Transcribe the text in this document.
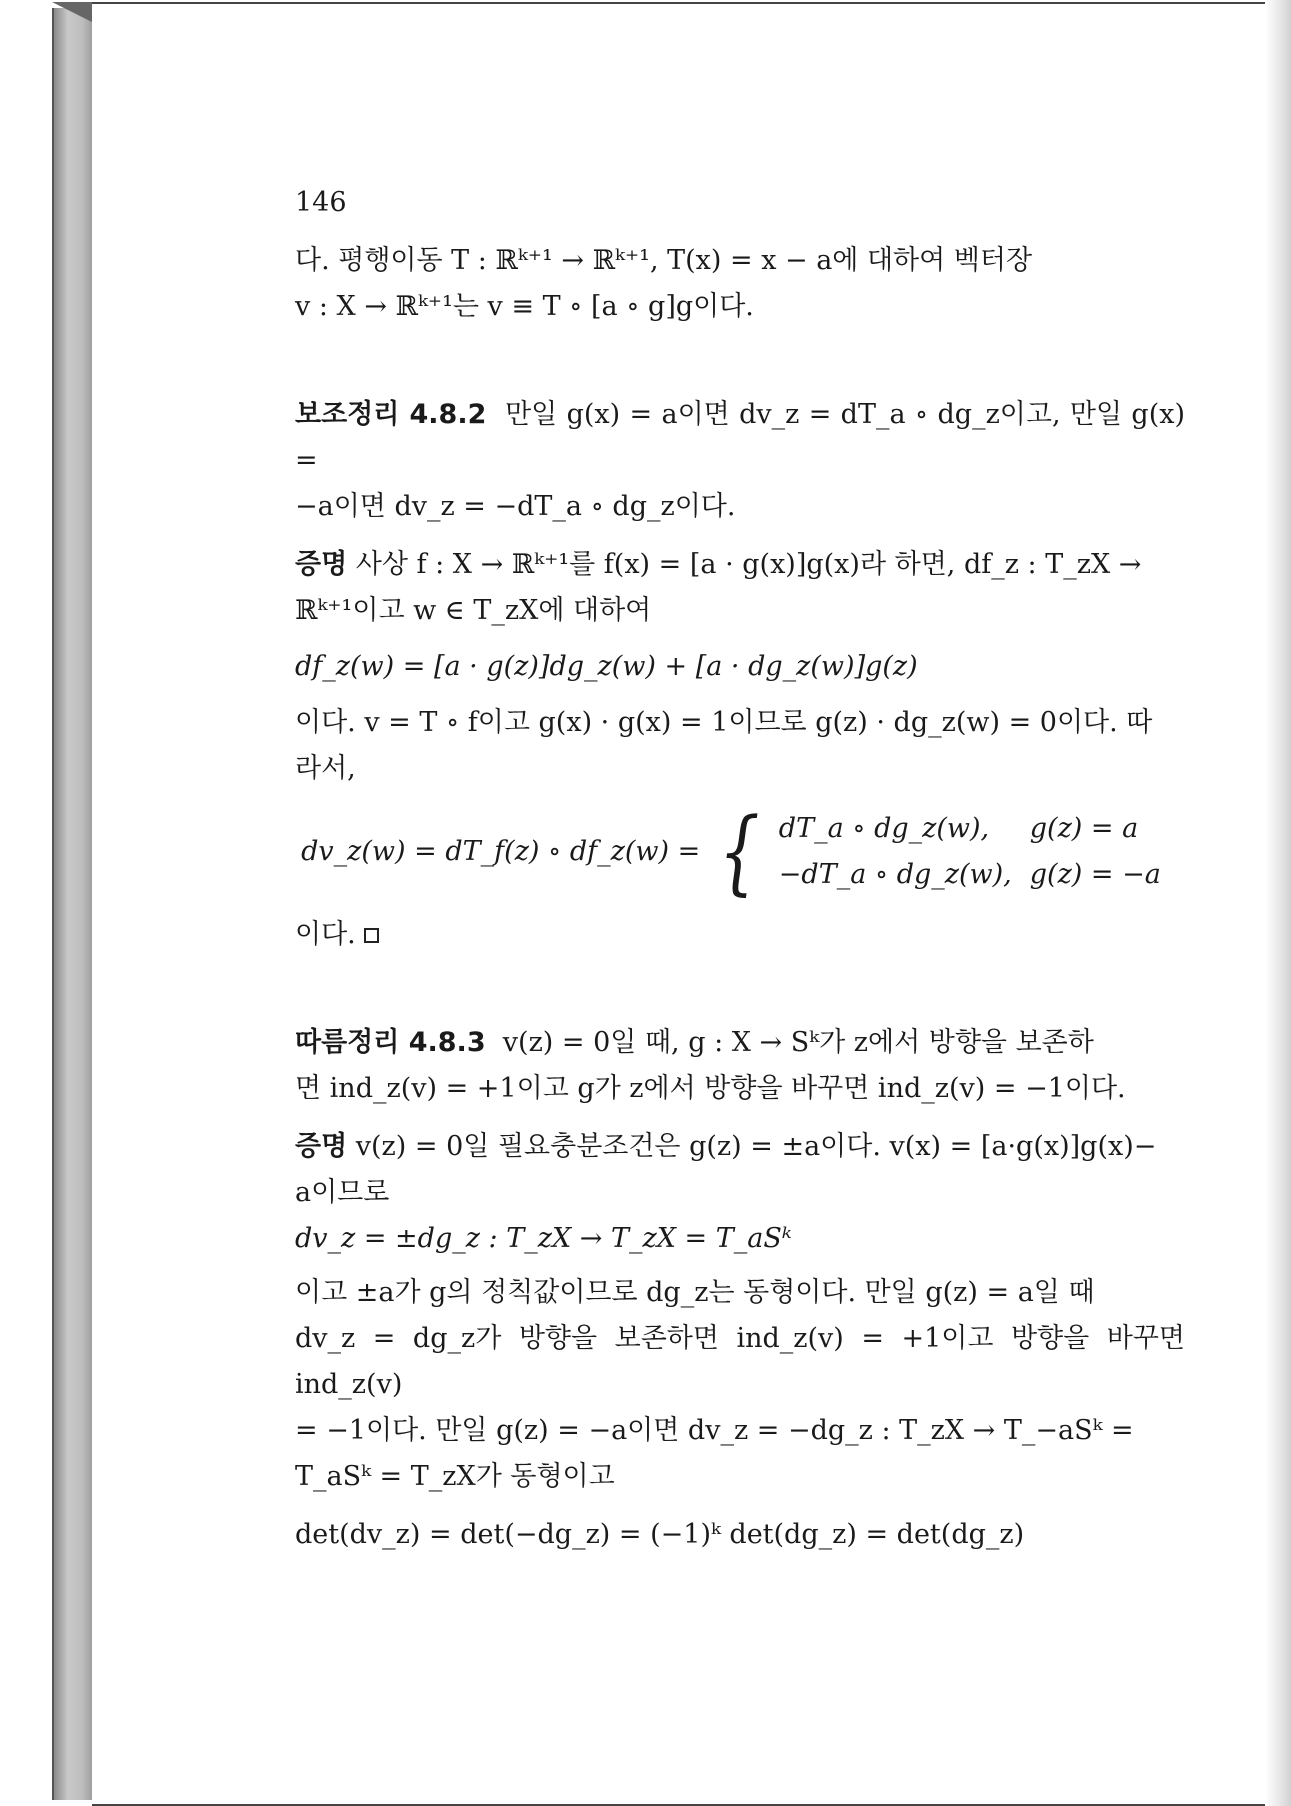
146

다. 평행이동 T : ℝᵏ⁺¹ → ℝᵏ⁺¹, T(x) = x − a에 대하여 벡터장

v : X → ℝᵏ⁺¹는 v ≡ T ∘ [a ∘ g]g이다.

보조정리 4.8.2 만일 g(x) = a이면 dv_z = dT_a ∘ dg_z이고, 만일 g(x) =

−a이면 dv_z = −dT_a ∘ dg_z이다.

증명 사상 f : X → ℝᵏ⁺¹를 f(x) = [a · g(x)]g(x)라 하면, df_z : T_zX →

ℝᵏ⁺¹이고 w ∈ T_zX에 대하여

df_z(w) = [a · g(z)]dg_z(w) + [a · dg_z(w)]g(z)

이다. v = T ∘ f이고 g(x) · g(x) = 1이므로 g(z) · dg_z(w) = 0이다. 따

라서,

dv_z(w) = dT_f(z) ∘ df_z(w) = { dT_a ∘ dg_z(w),	g(z) = a
−dT_a ∘ dg_z(w),	g(z) = −a

이다.

따름정리 4.8.3 v(z) = 0일 때, g : X → Sᵏ가 z에서 방향을 보존하

면 ind_z(v) = +1이고 g가 z에서 방향을 바꾸면 ind_z(v) = −1이다.

증명 v(z) = 0일 필요충분조건은 g(z) = ±a이다. v(x) = [a·g(x)]g(x)−

a이므로

dv_z = ±dg_z : T_zX → T_zX = T_aSᵏ

이고 ±a가 g의 정칙값이므로 dg_z는 동형이다. 만일 g(z) = a일 때

dv_z = dg_z가 방향을 보존하면 ind_z(v) = +1이고 방향을 바꾸면 ind_z(v)

= −1이다. 만일 g(z) = −a이면 dv_z = −dg_z : T_zX → T_−aSᵏ =

T_aSᵏ = T_zX가 동형이고

det(dv_z) = det(−dg_z) = (−1)ᵏ det(dg_z) = det(dg_z)
